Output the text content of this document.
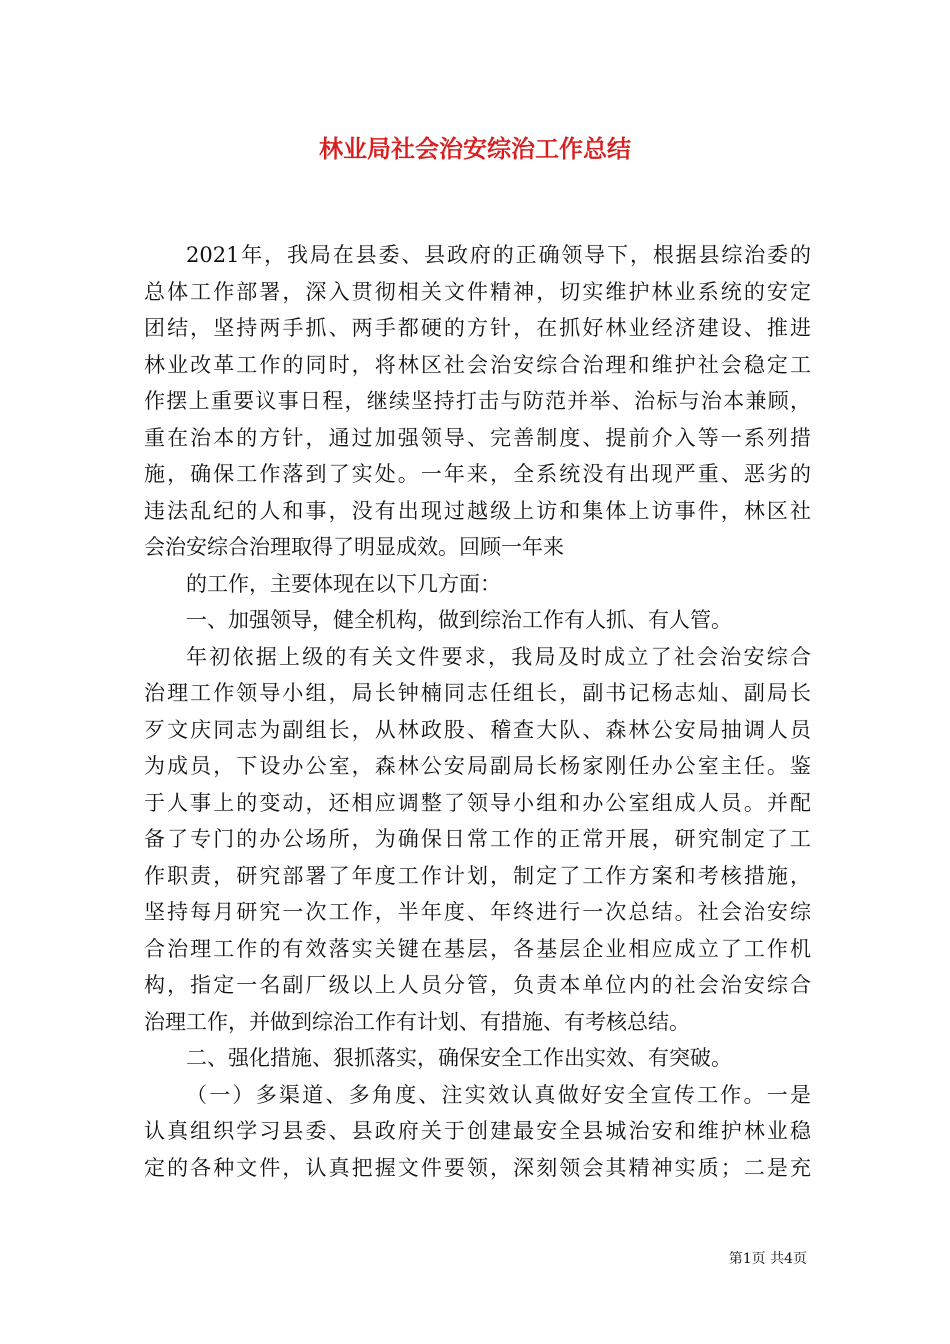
林业局社会治安综治工作总结

2021年，我局在县委、县政府的正确领导下，根据县综治委的

总体工作部署，深入贯彻相关文件精神，切实维护林业系统的安定

团结，坚持两手抓、两手都硬的方针，在抓好林业经济建设、推进

林业改革工作的同时，将林区社会治安综合治理和维护社会稳定工

作摆上重要议事日程，继续坚持打击与防范并举、治标与治本兼顾，

重在治本的方针，通过加强领导、完善制度、提前介入等一系列措

施，确保工作落到了实处。一年来，全系统没有出现严重、恶劣的

违法乱纪的人和事，没有出现过越级上访和集体上访事件，林区社

会治安综合治理取得了明显成效。回顾一年来

的工作，主要体现在以下几方面：

一、加强领导，健全机构，做到综治工作有人抓、有人管。

年初依据上级的有关文件要求，我局及时成立了社会治安综合

治理工作领导小组，局长钟楠同志任组长，副书记杨志灿、副局长

歹文庆同志为副组长，从林政股、稽查大队、森林公安局抽调人员

为成员，下设办公室，森林公安局副局长杨家刚任办公室主任。鉴

于人事上的变动，还相应调整了领导小组和办公室组成人员。并配

备了专门的办公场所，为确保日常工作的正常开展，研究制定了工

作职责，研究部署了年度工作计划，制定了工作方案和考核措施，

坚持每月研究一次工作，半年度、年终进行一次总结。社会治安综

合治理工作的有效落实关键在基层，各基层企业相应成立了工作机

构，指定一名副厂级以上人员分管，负责本单位内的社会治安综合

治理工作，并做到综治工作有计划、有措施、有考核总结。

二、强化措施、狠抓落实，确保安全工作出实效、有突破。

（一）多渠道、多角度、注实效认真做好安全宣传工作。一是

认真组织学习县委、县政府关于创建最安全县城治安和维护林业稳

定的各种文件，认真把握文件要领，深刻领会其精神实质；二是充

第1页 共4页
